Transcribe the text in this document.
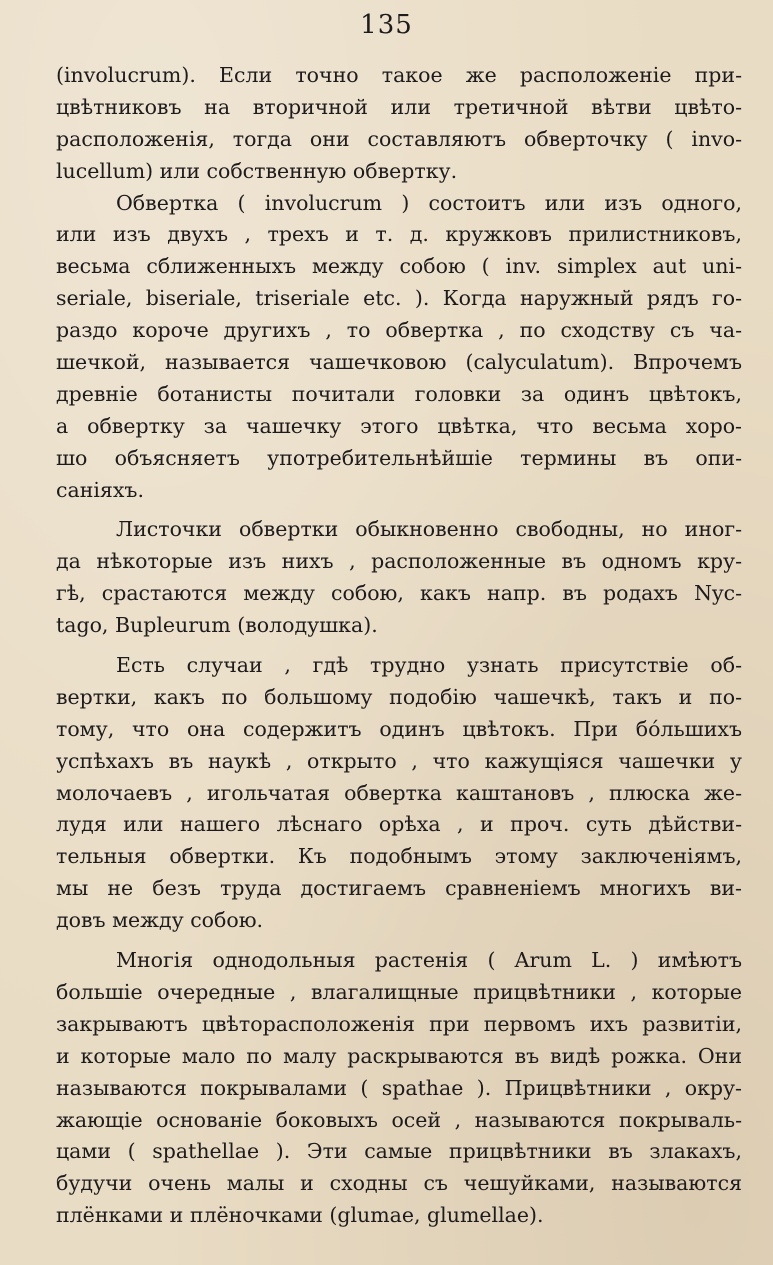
135
(involucrum). Если точно такое же расположенie при-
цвѣтниковъ на вторичной или третичной вѣтви цвѣто-
расположенiя, тогда они составляютъ обверточку ( invo-
lucellum) или собственную обвертку.
Обвертка ( involucrum ) состоитъ или изъ одного,
или изъ двухъ , трехъ и т. д. кружковъ прилистниковъ,
весьма сближенныхъ между собою ( inv. simplex aut uni-
seriale, biseriale, triseriale etc. ). Когда наружный рядъ го-
раздо короче другихъ , то обвертка , по сходству съ ча-
шечкой, называется чашечковою (calyculatum). Впрочемъ
древнiе ботанисты почитали головки за одинъ цвѣтокъ,
а обвертку за чашечку этого цвѣтка, что весьма хоро-
шо объясняетъ употребительнѣйшiе термины въ опи-
санiяхъ.
Листочки обвертки обыкновенно свободны, но иног-
да нѣкоторые изъ нихъ , расположенные въ одномъ кру-
гѣ, срастаются между собою, какъ напр. въ родахъ Nyc-
tago, Bupleurum (володушка).
Есть случаи , гдѣ трудно узнать присутствiе об-
вертки, какъ по большому подобiю чашечкѣ, такъ и по-
тому, что она содержитъ одинъ цвѣтокъ. При бо́льшихъ
успѣхахъ въ наукѣ , открыто , что кажущiяся чашечки у
молочаевъ , игольчатая обвертка каштановъ , плюска же-
лудя или нашего лѣснаго орѣха , и проч. суть дѣйстви-
тельныя обвертки. Къ подобнымъ этому заключенiямъ,
мы не безъ труда достигаемъ сравненiемъ многихъ ви-
довъ между собою.
Многiя однодольныя растенiя ( Arum L. ) имѣютъ
большiе очередные , влагалищные прицвѣтники , которые
закрываютъ цвѣторасположенiя при первомъ ихъ развитiи,
и которые мало по малу раскрываются въ видѣ рожка. Они
называются покрывалами ( spathae ). Прицвѣтники , окру-
жающiе основанiе боковыхъ осей , называются покрываль-
цами ( spathellae ). Эти самые прицвѣтники въ злакахъ,
будучи очень малы и сходны съ чешуйками, называются
плёнками и плёночками (glumae, glumellae).
